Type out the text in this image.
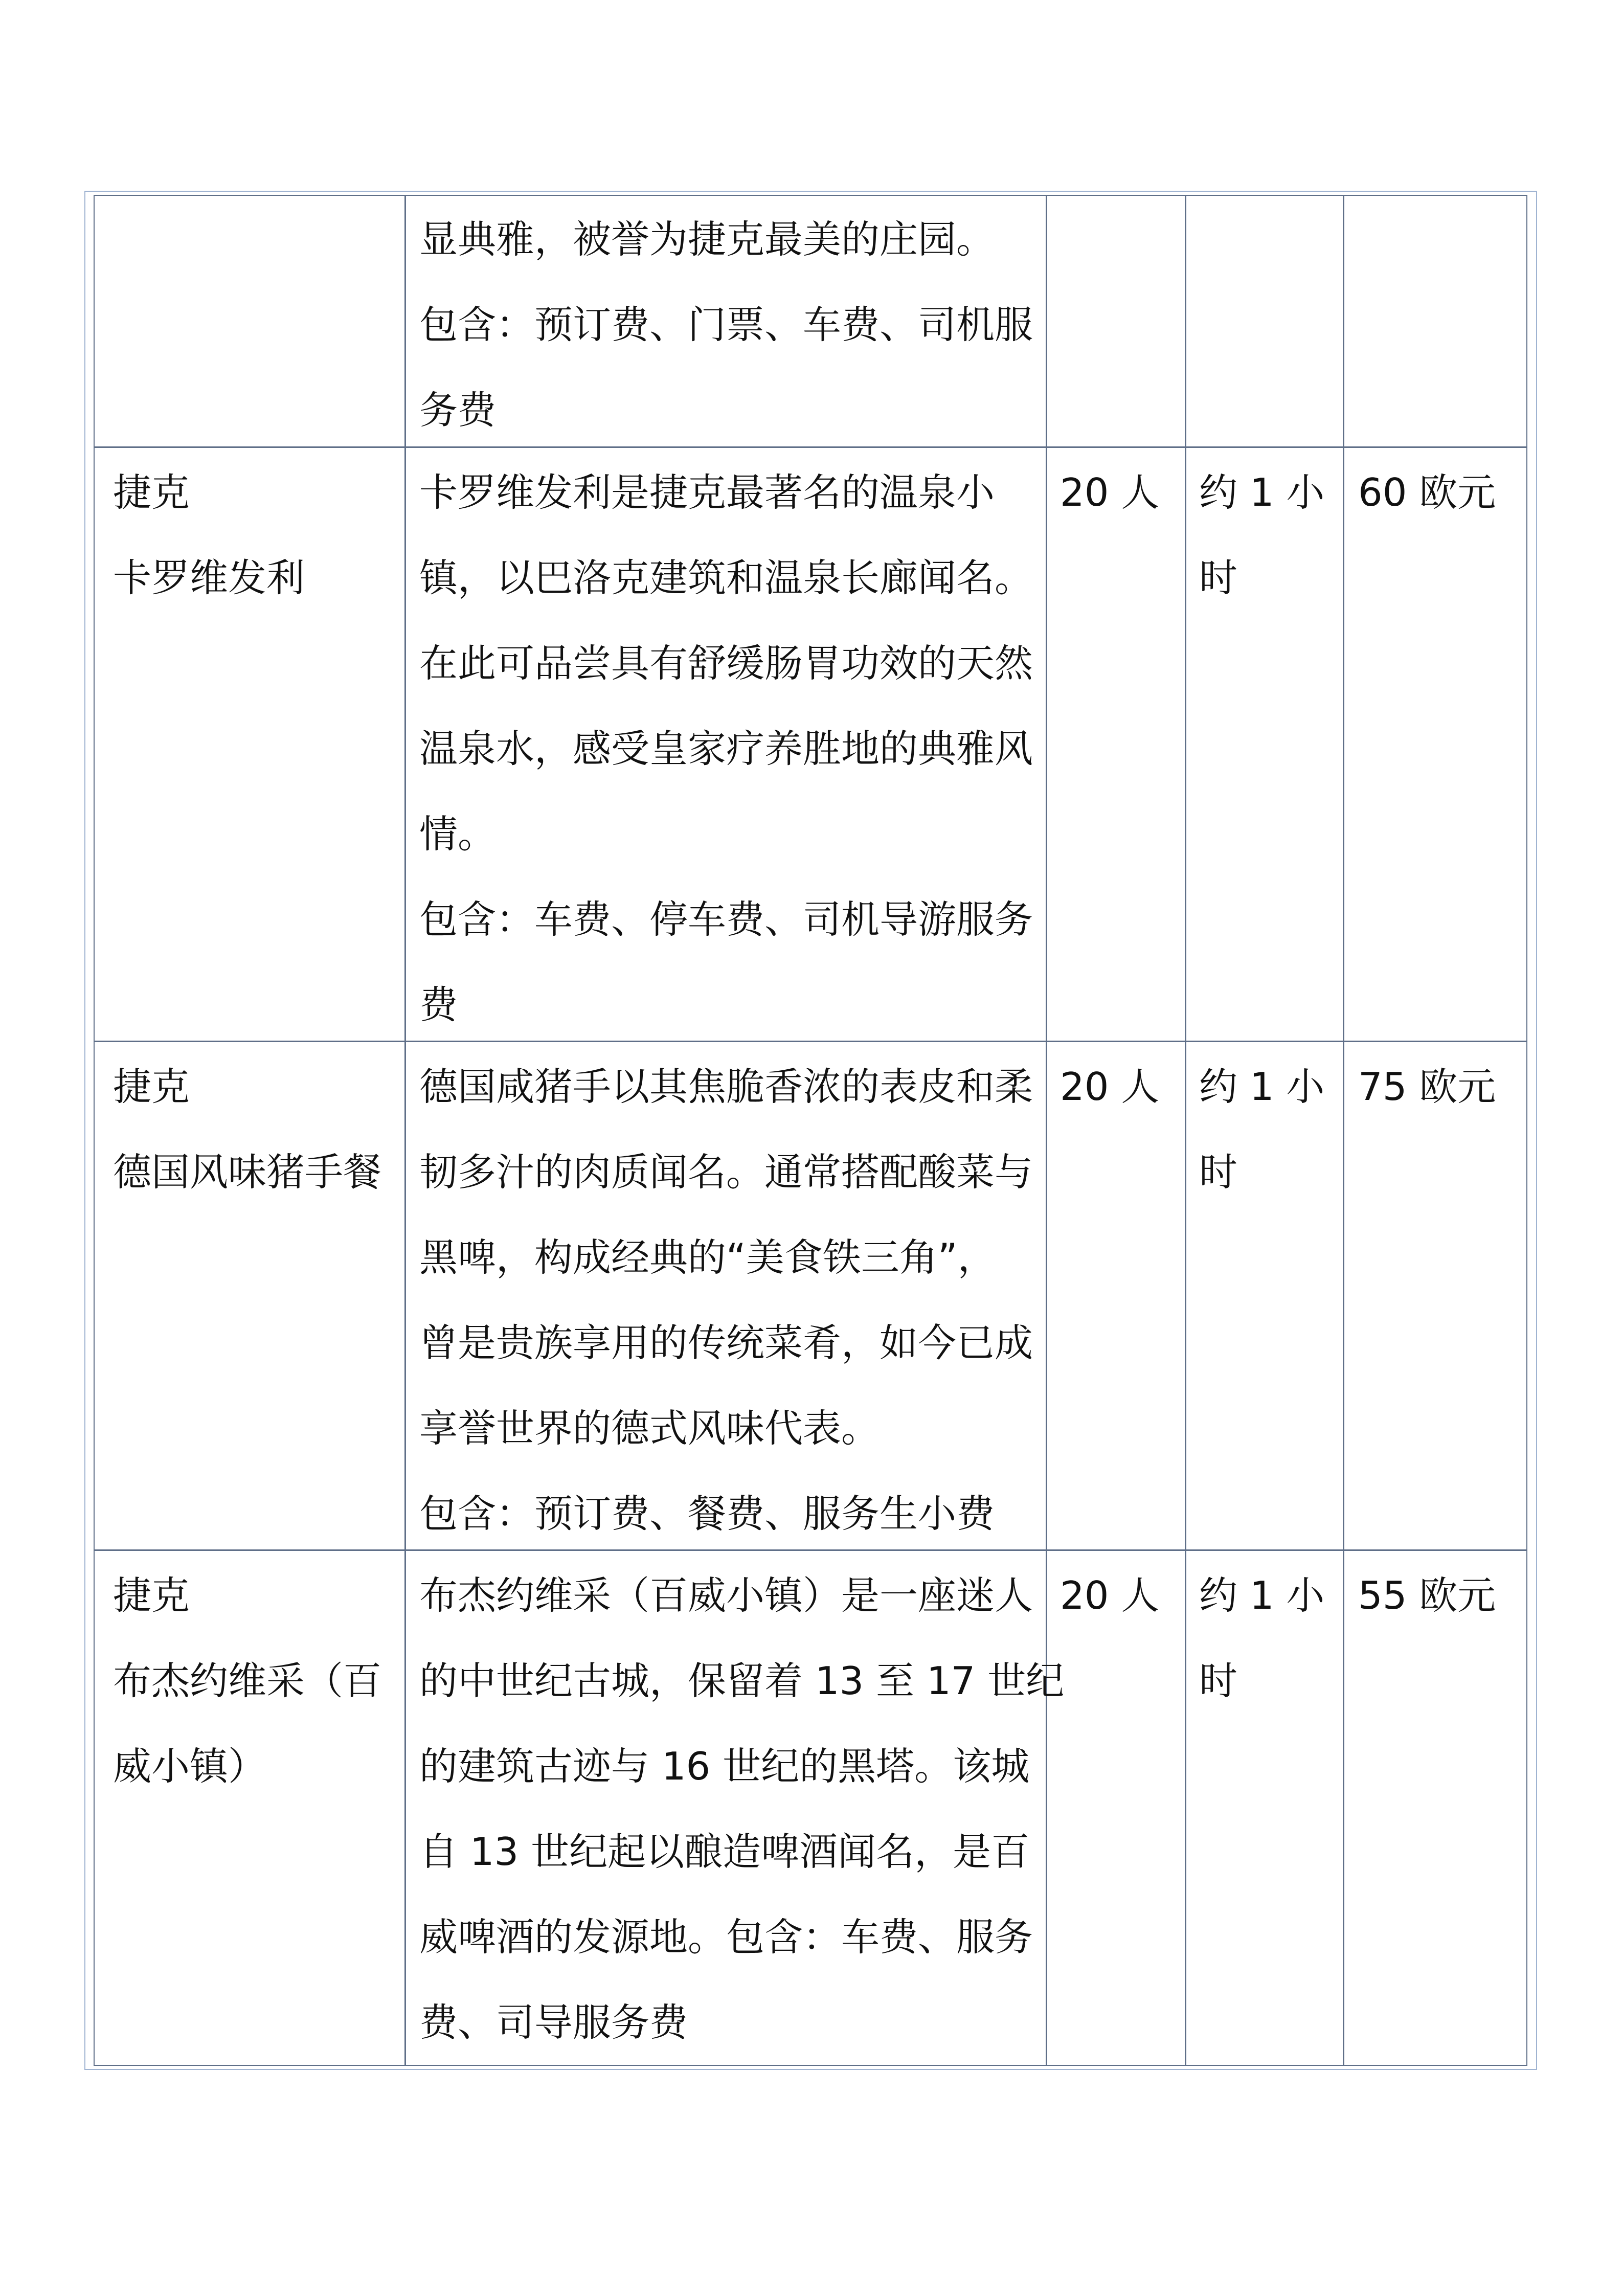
显典雅，被誉为捷克最美的庄园。
包含：预订费、门票、车费、司机服
务费
捷克
卡罗维发利
卡罗维发利是捷克最著名的温泉小
镇，以巴洛克建筑和温泉长廊闻名。
在此可品尝具有舒缓肠胃功效的天然
温泉水，感受皇家疗养胜地的典雅风
情。
包含：车费、停车费、司机导游服务
费
20 人 约 1 小
时
60 欧元
捷克
德国风味猪手餐
德国咸猪手以其焦脆香浓的表皮和柔
韧多汁的肉质闻名。通常搭配酸菜与
黑啤，构成经典的“美食铁三角”，
曾是贵族享用的传统菜肴，如今已成
享誉世界的德式风味代表。
包含：预订费、餐费、服务生小费
20 人 约 1 小
时
75 欧元
捷克
布杰约维采（百
威小镇）
布杰约维采（百威小镇）是一座迷人
的中世纪古城，保留着 13 至 17 世纪
的建筑古迹与 16 世纪的黑塔。该城
自 13 世纪起以酿造啤酒闻名，是百
威啤酒的发源地。包含：车费、服务
费、司导服务费
20 人 约 1 小
时
55 欧元
